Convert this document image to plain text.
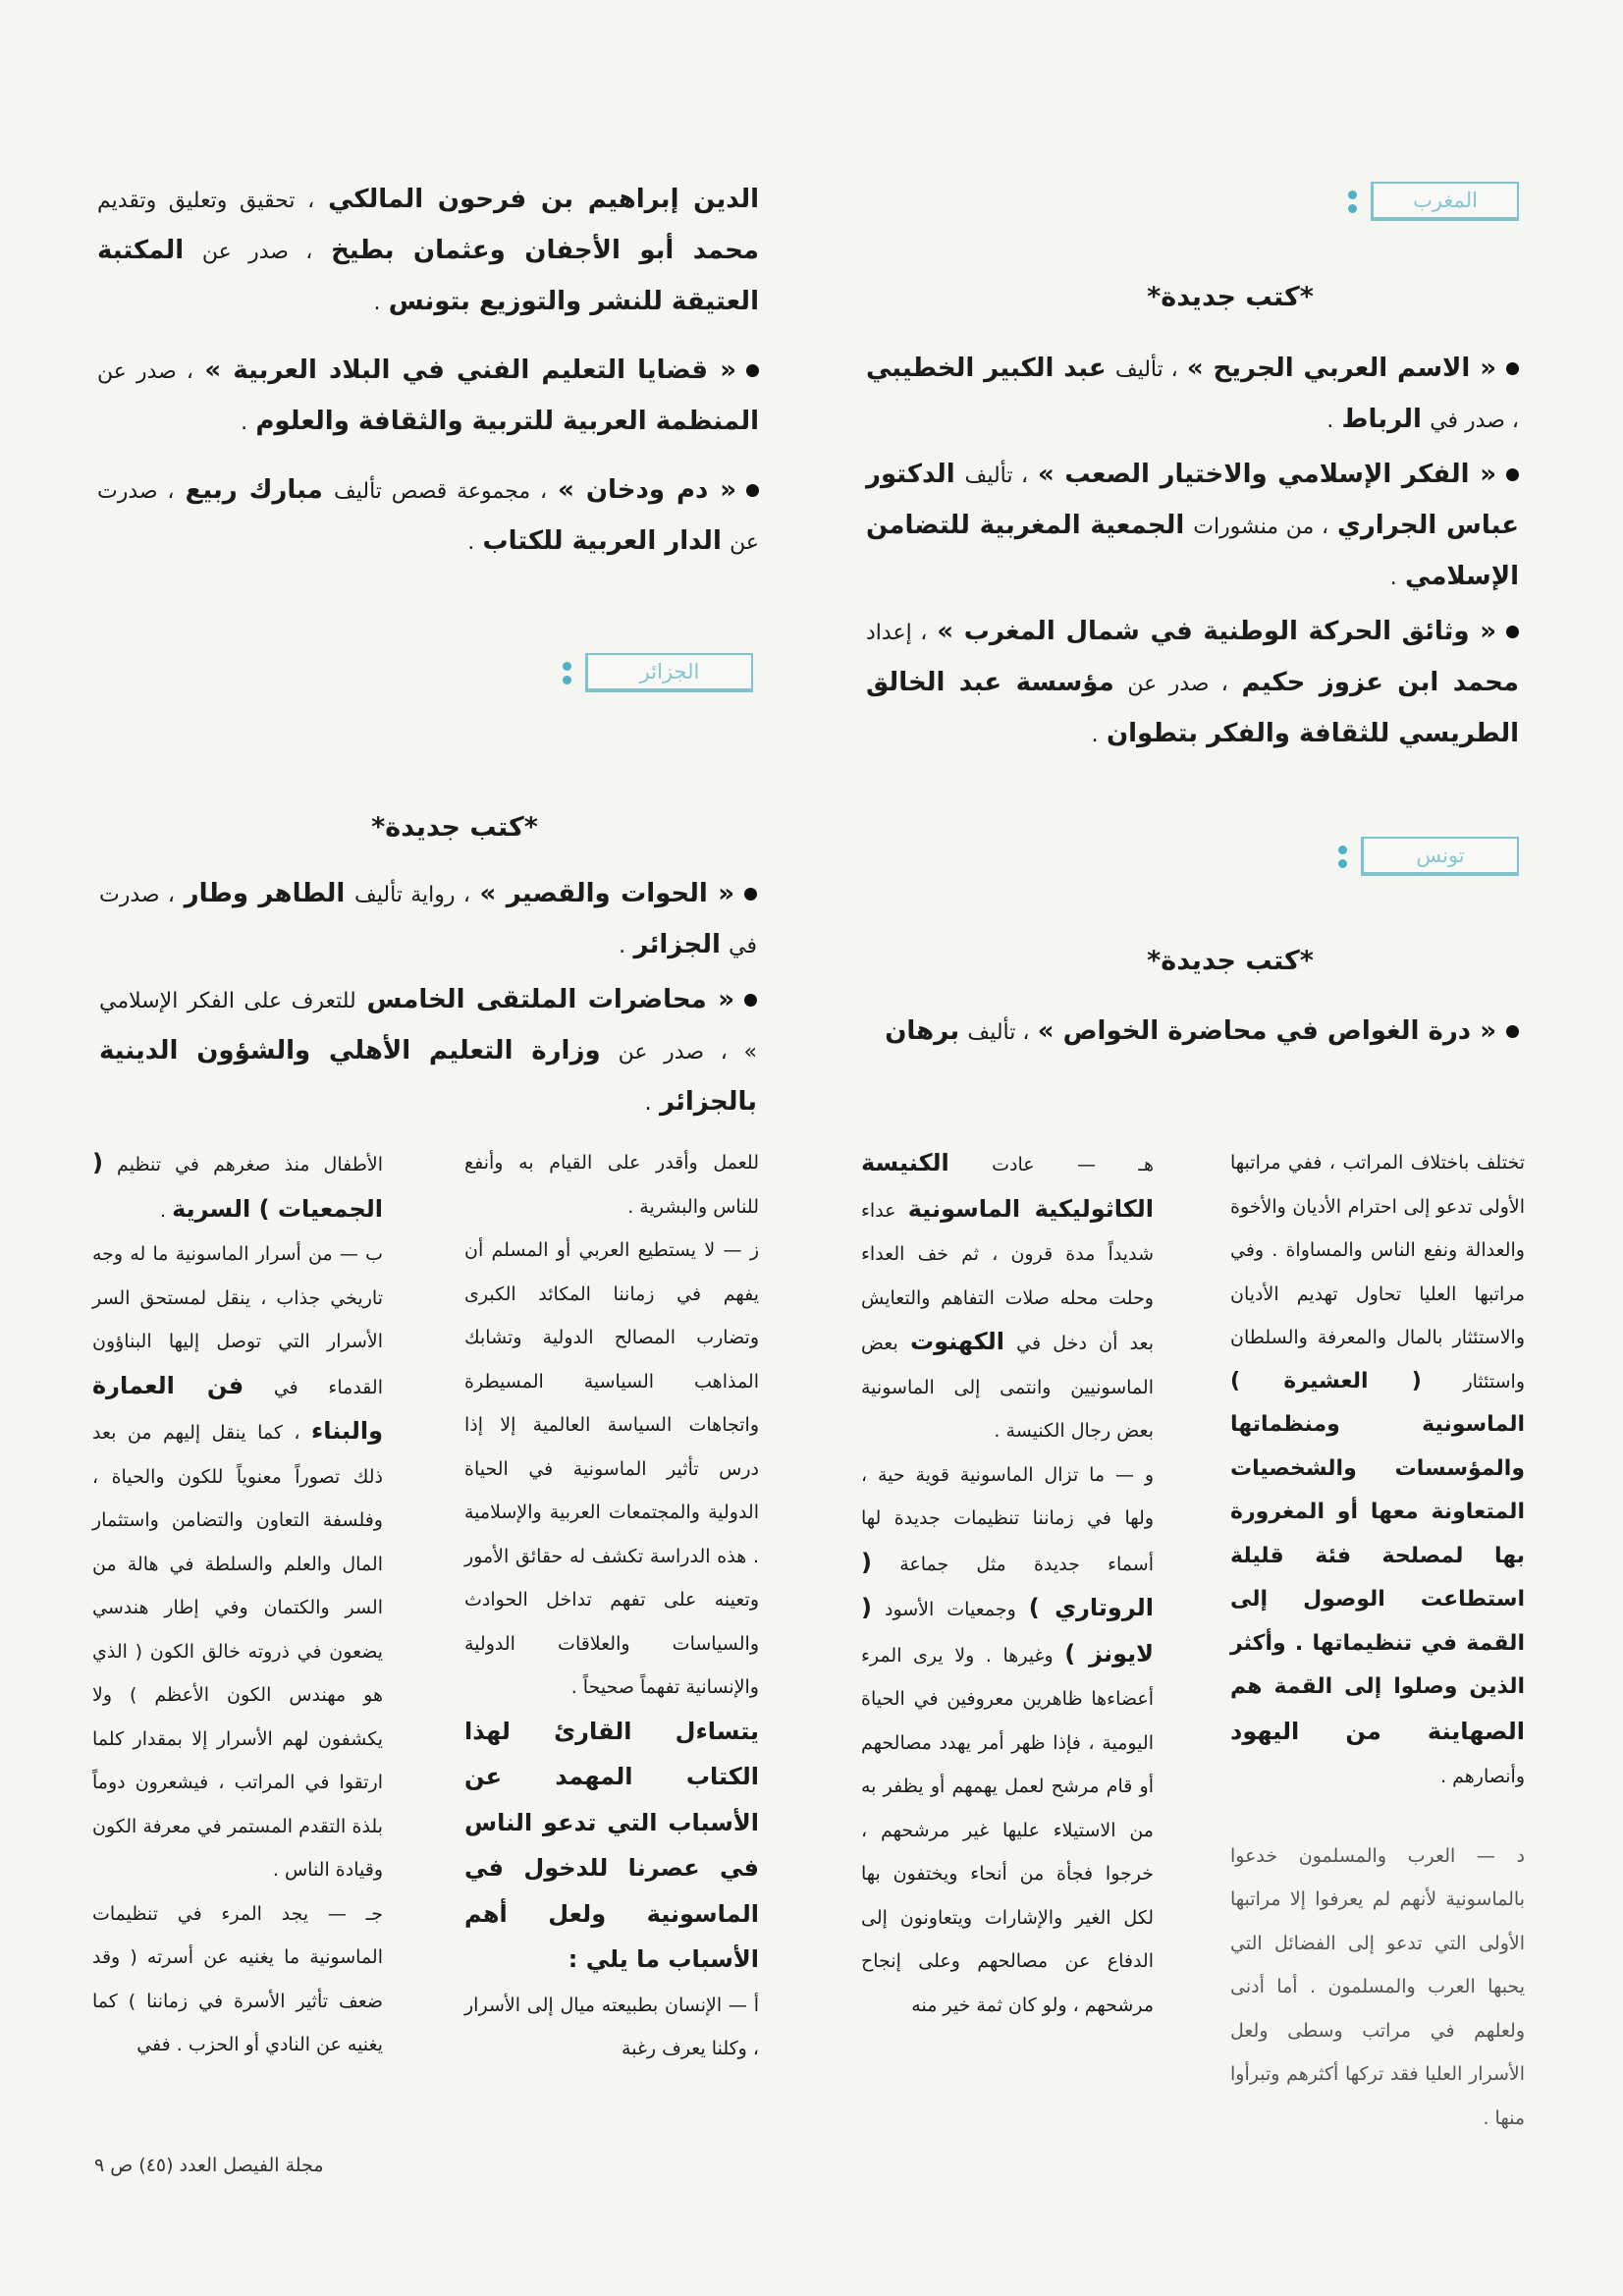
المغرب
*كتب جديدة*

« الاسم العربي الجريح » ، تأليف عبد الكبير الخطيبي ، صدر في الرباط .

« الفكر الإسلامي والاختيار الصعب » ، تأليف الدكتور عباس الجراري ، من منشورات الجمعية المغربية للتضامن الإسلامي .

« وثائق الحركة الوطنية في شمال المغرب » ، إعداد محمد ابن عزوز حكيم ، صدر عن مؤسسة عبد الخالق الطريسي للثقافة والفكر بتطوان .

الدين إبراهيم بن فرحون المالكي ، تحقيق وتعليق وتقديم محمد أبو الأجفان وعثمان بطيخ ، صدر عن المكتبة العتيقة للنشر والتوزيع بتونس .

« قضايا التعليم الفني في البلاد العربية » ، صدر عن المنظمة العربية للتربية والثقافة والعلوم .

« دم ودخان » ، مجموعة قصص تأليف مبارك ربيع ، صدرت عن الدار العربية للكتاب .

الجزائر
*كتب جديدة*

« الحوات والقصير » ، رواية تأليف الطاهر وطار ، صدرت في الجزائر .

« محاضرات الملتقى الخامس للتعرف على الفكر الإسلامي » ، صدر عن وزارة التعليم الأهلي والشؤون الدينية بالجزائر .

تونس
*كتب جديدة*

« درة الغواص في محاضرة الخواص » ، تأليف برهان

تختلف باختلاف المراتب ، ففي مراتبها الأولى تدعو إلى احترام الأديان والأخوة والعدالة ونفع الناس والمساواة . وفي مراتبها العليا تحاول تهديم الأديان والاستئثار بالمال والمعرفة والسلطان واستئثار ( العشيرة ) الماسونية ومنظماتها والمؤسسات والشخصيات المتعاونة معها أو المغرورة بها لمصلحة فئة قليلة استطاعت الوصول إلى القمة في تنظيماتها . وأكثر الذين وصلوا إلى القمة هم الصهاينة من اليهود وأنصارهم .

د — العرب والمسلمون خدعوا بالماسونية لأنهم لم يعرفوا إلا مراتبها الأولى التي تدعو إلى الفضائل التي يحبها العرب والمسلمون . أما أدنى ولعلهم في مراتب وسطى ولعل الأسرار العليا فقد تركها أكثرهم وتبرأوا منها .

هـ — عادت الكنيسة الكاثوليكية الماسونية عداء شديداً مدة قرون ، ثم خف العداء وحلت محله صلات التفاهم والتعايش بعد أن دخل في الكهنوت بعض الماسونيين وانتمى إلى الماسونية بعض رجال الكنيسة .

و — ما تزال الماسونية قوية حية ، ولها في زماننا تنظيمات جديدة لها أسماء جديدة مثل جماعة ( الروتاري ) وجمعيات الأسود ( لايونز ) وغيرها . ولا يرى المرء أعضاءها ظاهرين معروفين في الحياة اليومية ، فإذا ظهر أمر يهدد مصالحهم أو قام مرشح لعمل يهمهم أو يظفر به من الاستيلاء عليها غير مرشحهم ، خرجوا فجأة من أنحاء ويختفون بها لكل الغير والإشارات ويتعاونون إلى الدفاع عن مصالحهم وعلى إنجاح مرشحهم ، ولو كان ثمة خير منه

للعمل وأقدر على القيام به وأنفع للناس والبشرية .

ز — لا يستطيع العربي أو المسلم أن يفهم في زماننا المكائد الكبرى وتضارب المصالح الدولية وتشابك المذاهب السياسية المسيطرة واتجاهات السياسة العالمية إلا إذا درس تأثير الماسونية في الحياة الدولية والمجتمعات العربية والإسلامية . هذه الدراسة تكشف له حقائق الأمور وتعينه على تفهم تداخل الحوادث والسياسات والعلاقات الدولية والإنسانية تفهماً صحيحاً .

يتساءل القارئ لهذا الكتاب المهمد عن الأسباب التي تدعو الناس في عصرنا للدخول في الماسونية ولعل أهم الأسباب ما يلي :

أ — الإنسان بطبيعته ميال إلى الأسرار ، وكلنا يعرف رغبة

الأطفال منذ صغرهم في تنظيم ( الجمعيات ) السرية .

ب — من أسرار الماسونية ما له وجه تاريخي جذاب ، ينقل لمستحق السر الأسرار التي توصل إليها البناؤون القدماء في فن العمارة والبناء ، كما ينقل إليهم من بعد ذلك تصوراً معنوياً للكون والحياة ، وفلسفة التعاون والتضامن واستثمار المال والعلم والسلطة في هالة من السر والكتمان وفي إطار هندسي يضعون في ذروته خالق الكون ( الذي هو مهندس الكون الأعظم ) ولا يكشفون لهم الأسرار إلا بمقدار كلما ارتقوا في المراتب ، فيشعرون دوماً بلذة التقدم المستمر في معرفة الكون وقيادة الناس .

جـ — يجد المرء في تنظيمات الماسونية ما يغنيه عن أسرته ( وقد ضعف تأثير الأسرة في زماننا ) كما يغنيه عن النادي أو الحزب . ففي

مجلة الفيصل العدد (٤٥) ص ٩
